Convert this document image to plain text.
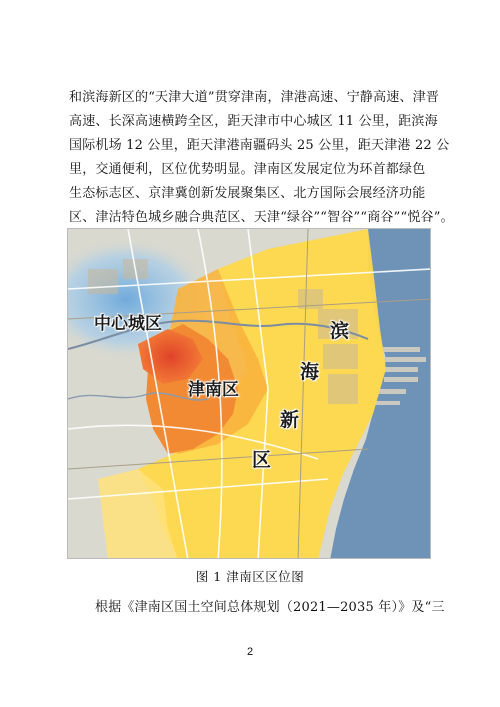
和滨海新区的“天津大道”贯穿津南，津港高速、宁静高速、津晋
高速、长深高速横跨全区，距天津市中心城区 11 公里，距滨海
国际机场 12 公里，距天津港南疆码头 25 公里，距天津港 22 公
里，交通便利，区位优势明显。津南区发展定位为环首都绿色
生态标志区、京津冀创新发展聚集区、北方国际会展经济功能
区、津沽特色城乡融合典范区、天津“绿谷”“智谷”“商谷”“悦谷”。
中心城区
津南区
滨
海
新
区
图 1 津南区区位图
根据《津南区国土空间总体规划（2021—2035 年）》及“三
2
